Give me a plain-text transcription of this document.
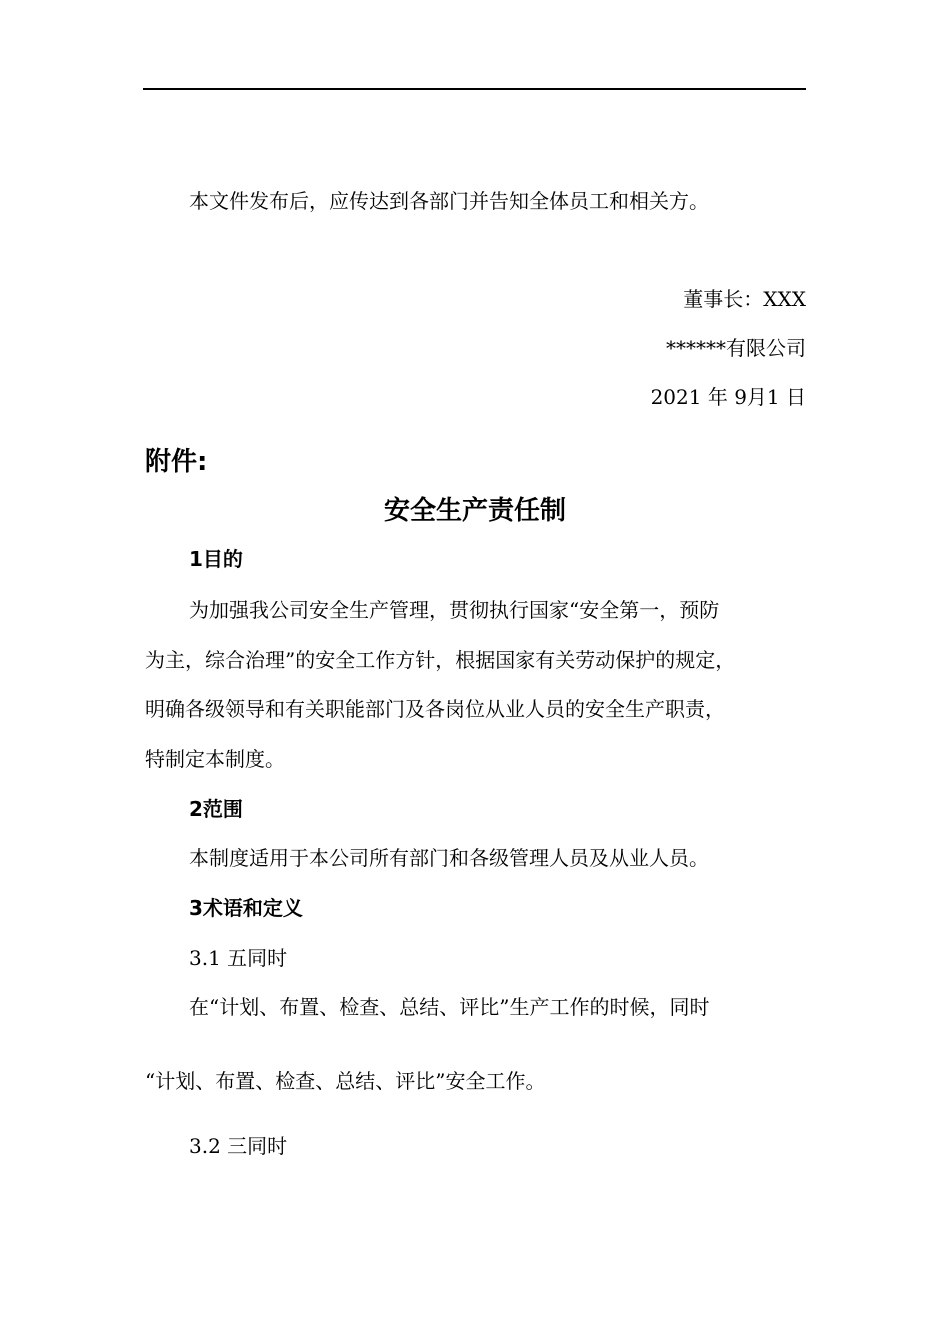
本文件发布后，应传达到各部门并告知全体员工和相关方。
董事长：XXX
******有限公司
2021 年 9月1 日
附件:
安全生产责任制
1目的
为加强我公司安全生产管理，贯彻执行国家“安全第一，预防
为主，综合治理”的安全工作方针，根据国家有关劳动保护的规定，
明确各级领导和有关职能部门及各岗位从业人员的安全生产职责，
特制定本制度。
2范围
本制度适用于本公司所有部门和各级管理人员及从业人员。
3术语和定义
3.1 五同时
在“计划、布置、检查、总结、评比”生产工作的时候，同时
“计划、布置、检查、总结、评比”安全工作。
3.2 三同时
